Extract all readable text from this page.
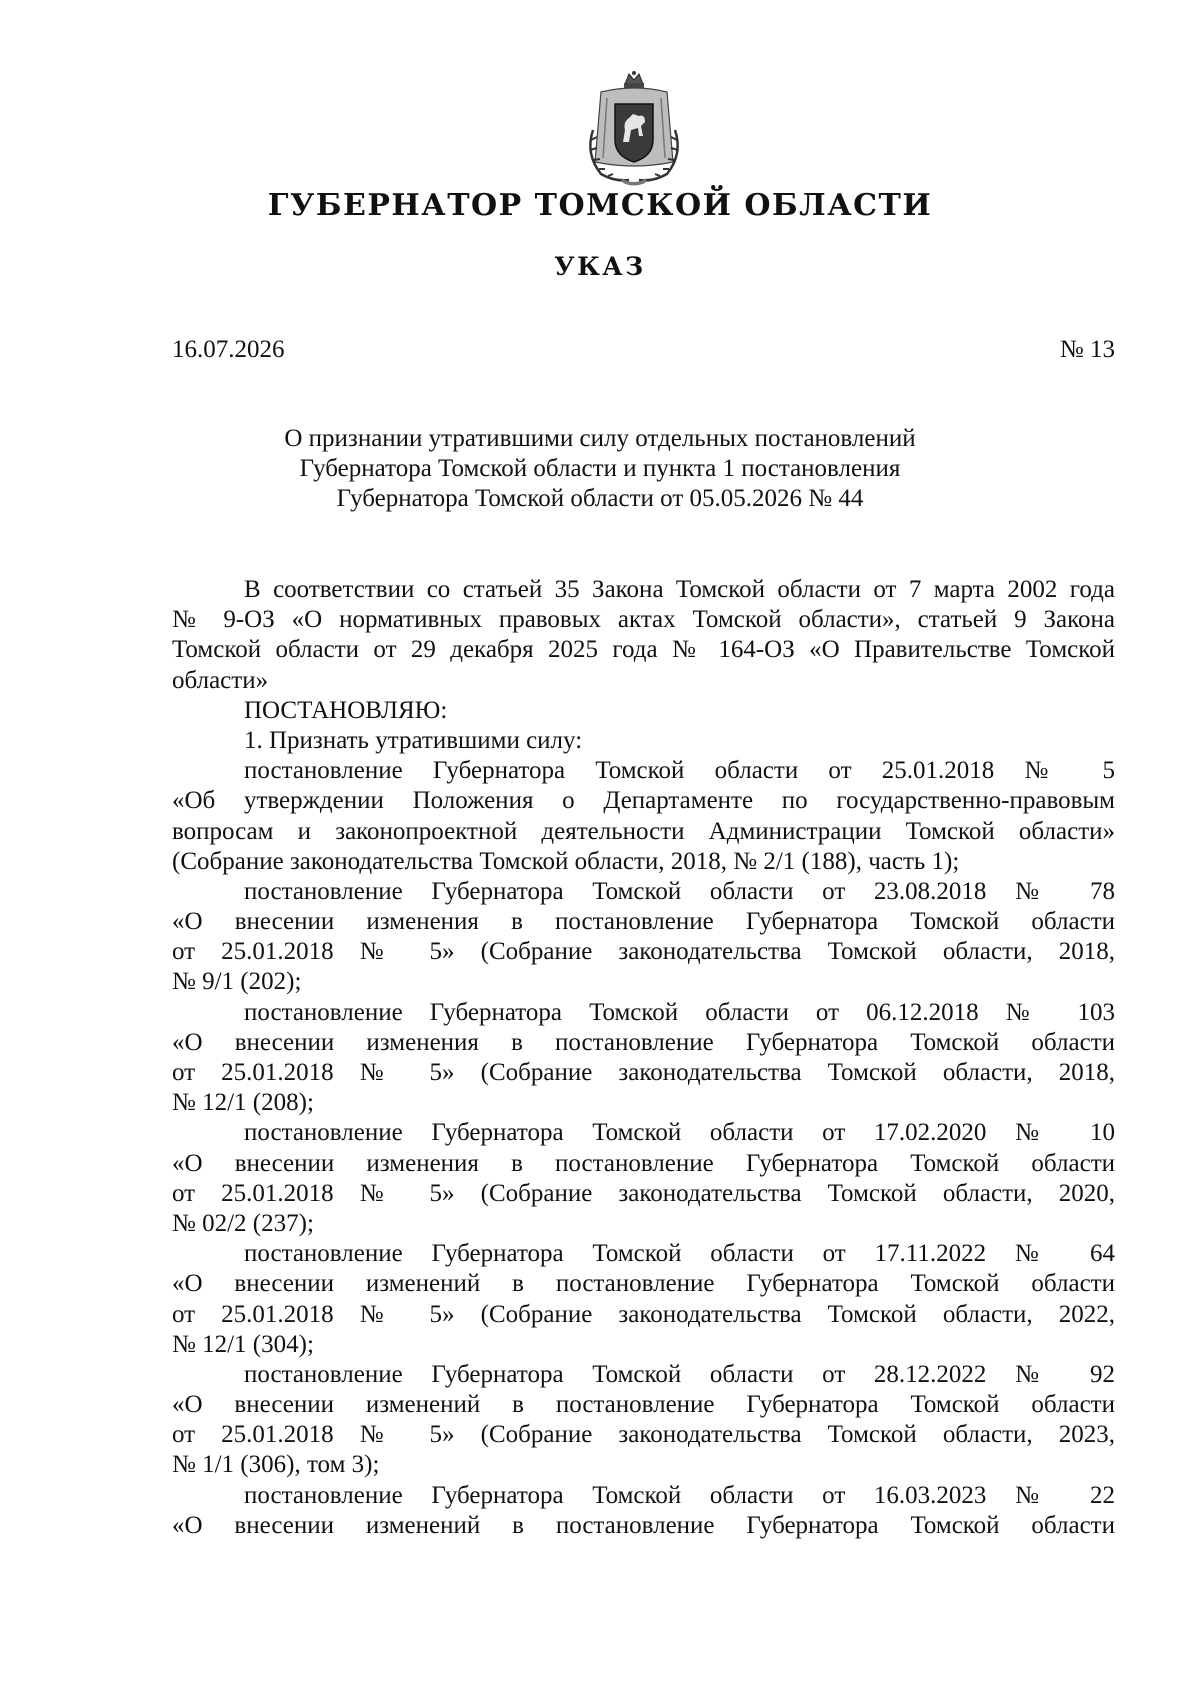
ГУБЕРНАТОР ТОМСКОЙ ОБЛАСТИ
УКАЗ
16.07.2026	№ 13
О признании утратившими силу отдельных постановлений
Губернатора Томской области и пункта 1 постановления
Губернатора Томской области от 05.05.2026 № 44
В соответствии со статьей 35 Закона Томской области от 7 марта 2002 года
№ 9-ОЗ «О нормативных правовых актах Томской области», статьей 9 Закона
Томской области от 29 декабря 2025 года № 164-ОЗ «О Правительстве Томской
области»
ПОСТАНОВЛЯЮ:
1. Признать утратившими силу:
постановление Губернатора Томской области от 25.01.2018 № 5
«Об утверждении Положения о Департаменте по государственно-правовым
вопросам и законопроектной деятельности Администрации Томской области»
(Собрание законодательства Томской области, 2018, № 2/1 (188), часть 1);
постановление Губернатора Томской области от 23.08.2018 № 78
«О внесении изменения в постановление Губернатора Томской области
от 25.01.2018 № 5» (Собрание законодательства Томской области, 2018,
№ 9/1 (202);
постановление Губернатора Томской области от 06.12.2018 № 103
«О внесении изменения в постановление Губернатора Томской области
от 25.01.2018 № 5» (Собрание законодательства Томской области, 2018,
№ 12/1 (208);
постановление Губернатора Томской области от 17.02.2020 № 10
«О внесении изменения в постановление Губернатора Томской области
от 25.01.2018 № 5» (Собрание законодательства Томской области, 2020,
№ 02/2 (237);
постановление Губернатора Томской области от 17.11.2022 № 64
«О внесении изменений в постановление Губернатора Томской области
от 25.01.2018 № 5» (Собрание законодательства Томской области, 2022,
№ 12/1 (304);
постановление Губернатора Томской области от 28.12.2022 № 92
«О внесении изменений в постановление Губернатора Томской области
от 25.01.2018 № 5» (Собрание законодательства Томской области, 2023,
№ 1/1 (306), том 3);
постановление Губернатора Томской области от 16.03.2023 № 22
«О внесении изменений в постановление Губернатора Томской области
